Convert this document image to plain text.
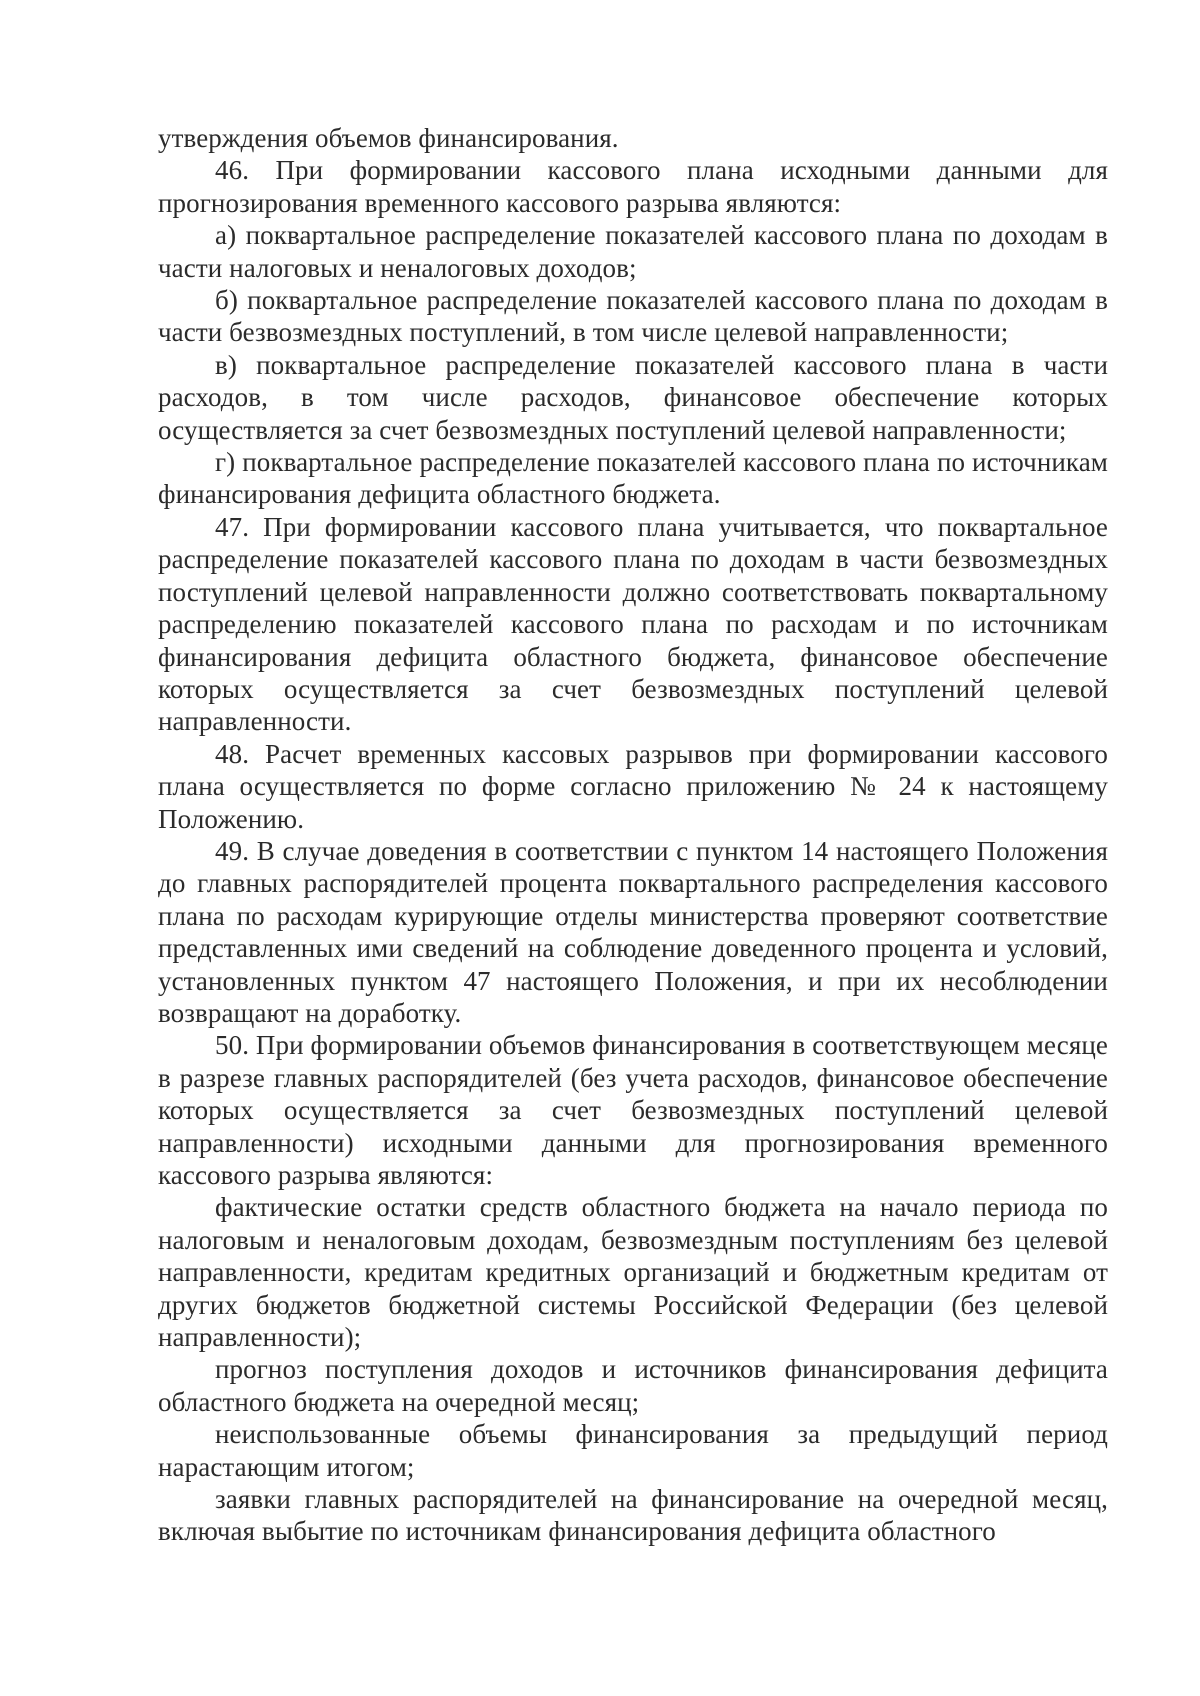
утверждения объемов финансирования.

46. При формировании кассового плана исходными данными для прогнозирования временного кассового разрыва являются:

а) поквартальное распределение показателей кассового плана по доходам в части налоговых и неналоговых доходов;

б) поквартальное распределение показателей кассового плана по доходам в части безвозмездных поступлений, в том числе целевой направленности;

в) поквартальное распределение показателей кассового плана в части расходов, в том числе расходов, финансовое обеспечение которых осуществляется за счет безвозмездных поступлений целевой направленности;

г) поквартальное распределение показателей кассового плана по источникам финансирования дефицита областного бюджета.

47. При формировании кассового плана учитывается, что поквартальное распределение показателей кассового плана по доходам в части безвозмездных поступлений целевой направленности должно соответствовать поквартальному распределению показателей кассового плана по расходам и по источникам финансирования дефицита областного бюджета, финансовое обеспечение которых осуществляется за счет безвозмездных поступлений целевой направленности.

48. Расчет временных кассовых разрывов при формировании кассового плана осуществляется по форме согласно приложению № 24 к настоящему Положению.

49. В случае доведения в соответствии с пунктом 14 настоящего Положения до главных распорядителей процента поквартального распределения кассового плана по расходам курирующие отделы министерства проверяют соответствие представленных ими сведений на соблюдение доведенного процента и условий, установленных пунктом 47 настоящего Положения, и при их несоблюдении возвращают на доработку.

50. При формировании объемов финансирования в соответствующем месяце в разрезе главных распорядителей (без учета расходов, финансовое обеспечение которых осуществляется за счет безвозмездных поступлений целевой направленности) исходными данными для прогнозирования временного кассового разрыва являются:

фактические остатки средств областного бюджета на начало периода по налоговым и неналоговым доходам, безвозмездным поступлениям без целевой направленности, кредитам кредитных организаций и бюджетным кредитам от других бюджетов бюджетной системы Российской Федерации (без целевой направленности);

прогноз поступления доходов и источников финансирования дефицита областного бюджета на очередной месяц;

неиспользованные объемы финансирования за предыдущий период нарастающим итогом;

заявки главных распорядителей на финансирование на очередной месяц, включая выбытие по источникам финансирования дефицита областного
